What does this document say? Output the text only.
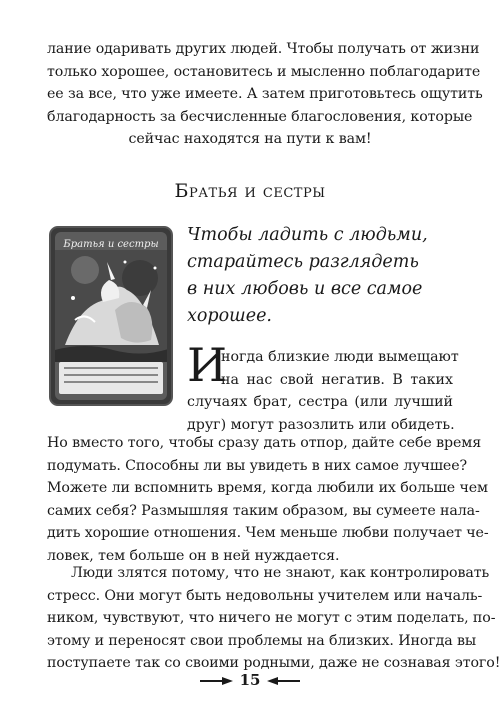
лание одаривать других людей. Чтобы получать от жизни
только хорошее, остановитесь и мысленно поблагодарите
ее за все, что уже имеете. А затем приготовьтесь ощутить
благодарность за бесчисленные благословения, которые
сейчас находятся на пути к вам!
Братья и сестры
Братья и сестры	Чтобы ладить с людьми,
старайтесь разглядеть
в них любовь и все самое
хорошее.
И
ногда близкие люди вымещают
на нас свой негатив. В таких
случаях брат, сестра (или лучший
друг) могут разозлить или обидеть.
Но вместо того, чтобы сразу дать отпор, дайте себе время
подумать. Способны ли вы увидеть в них самое лучшее?
Можете ли вспомнить время, когда любили их больше чем
самих себя? Размышляя таким образом, вы сумеете нала-
дить хорошие отношения. Чем меньше любви получает че-
ловек, тем больше он в ней нуждается.
Люди злятся потому, что не знают, как контролировать
стресс. Они могут быть недовольны учителем или началь-
ником, чувствуют, что ничего не могут с этим поделать, по-
этому и переносят свои проблемы на близких. Иногда вы
поступаете так со своими родными, даже не сознавая этого!
15
